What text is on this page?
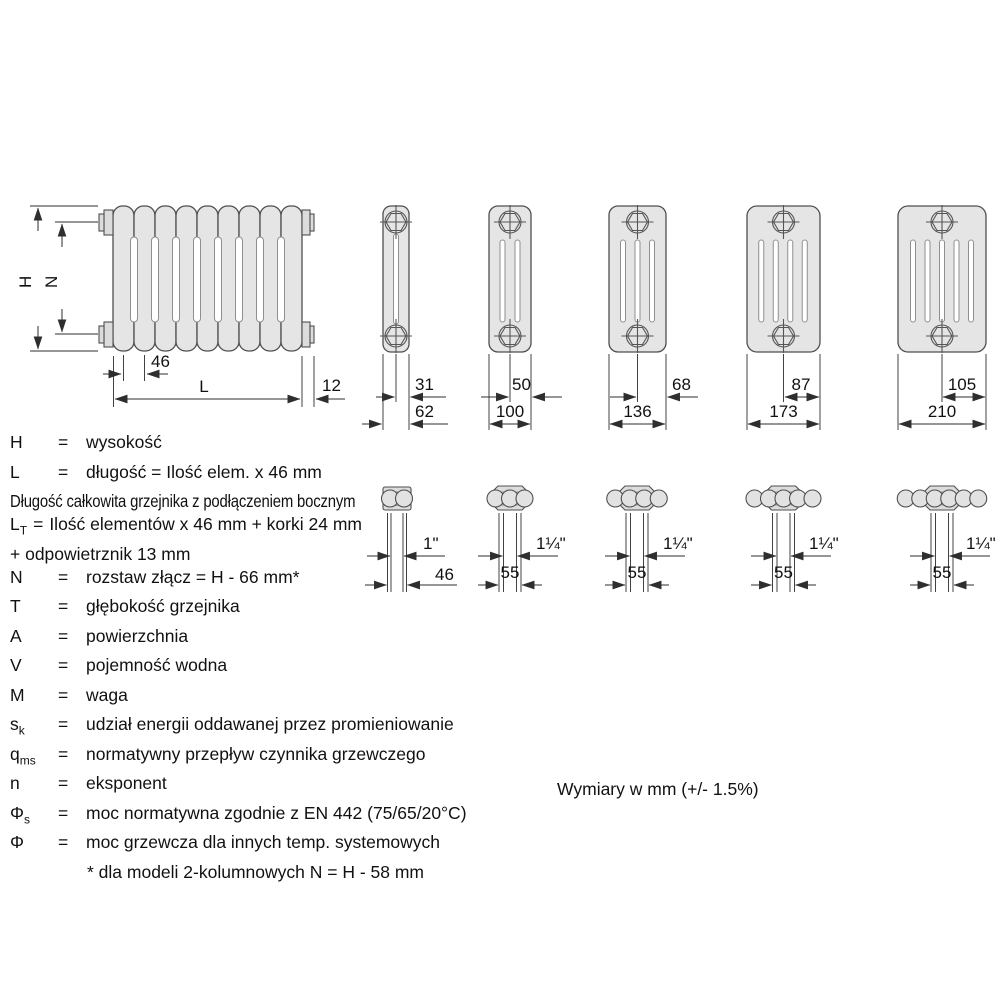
H N
46
L	12	31
62
50
100
68
136
87
173
105
210
1"
46
1¼"
55
1¼"
55
1¼"
55
1¼"
55
H	=	wysokość
L	=	długość = Ilość elem. x 46 mm
Długość całkowita grzejnika z podłączeniem bocznym
$L_T$ = Ilość elementów x 46 mm + korki 24 mm
+ odpowietrznik 13 mm
N	=	rozstaw złącz = H - 66 mm*
T	=	głębokość grzejnika
A	=	powierzchnia
V	=	pojemność wodna
M	=	waga
$s_k$	=	udział energii oddawanej przez promieniowanie
$q_{ms}$	=	normatywny przepływ czynnika grzewczego
n	=	eksponent
$\Phi_s$	=	moc normatywna zgodnie z EN 442 (75/65/20°C)
Φ	=	moc grzewcza dla innych temp. systemowych
* dla modeli 2-kolumnowych N = H - 58 mm
Wymiary w mm (+/- 1.5%)
